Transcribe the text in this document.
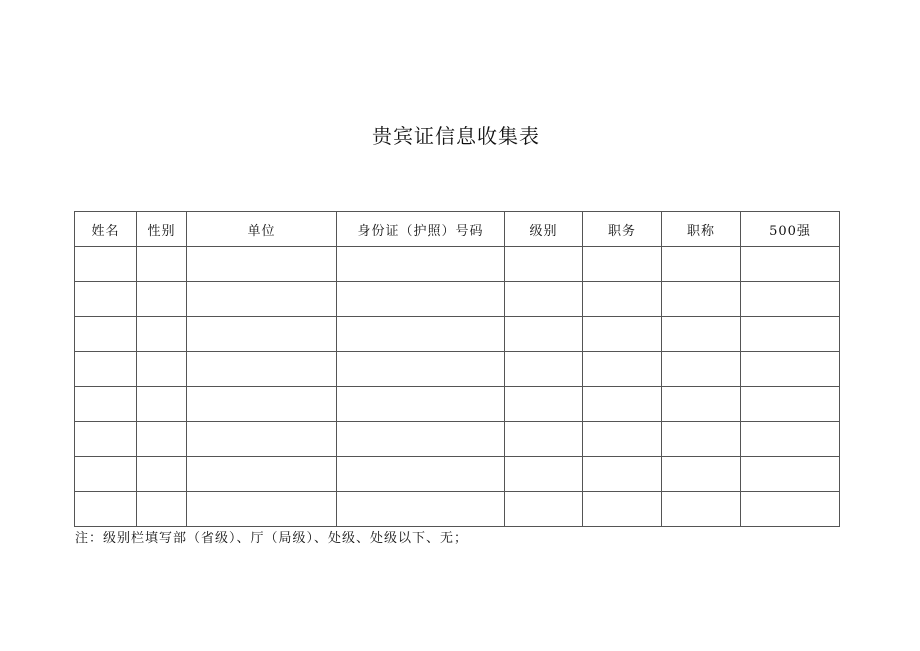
贵宾证信息收集表
姓名	性别	单位	身份证（护照）号码	级别	职务	职称	500强

注：级别栏填写部（省级）、厅（局级）、处级、处级以下、无；
